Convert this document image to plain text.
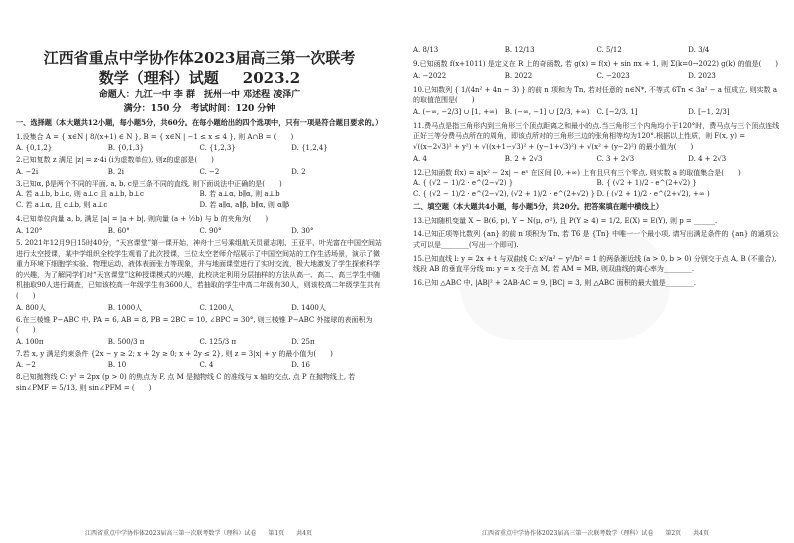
江西省重点中学协作体2023届高三第一次联考

数学（理科）试题 2023.2

命题人：九江一中 李 群　抚州一中 邓述程 凌泽广
满分：150 分　考试时间：120 分钟

一、选择题（本大题共12小题，每小题5分，共60分。在每小题给出的四个选项中，只有一项是符合题目要求的。）

1.设集合 A = { x∈N | 8/(x+1) ∈ N }, B = { x∈N | −1 ≤ x ≤ 4 }, 则 A∩B = (　　)

A. {0,1,2}	B. {0,1,3}	C. {1,2,3}	D. {1,2,4}

2.已知复数 z 满足 |z| = z·4i (i为虚数单位), 则z的虚部是(　　)

A. −2i	B. 2i	C. −2	D. 2

3.已知α, β是两个不同的平面, a, b, c是三条不同的直线, 则下面说法中正确的是(　　)

A. 若 a⊥b, b⊥c, 则 a⊥c 且 a⊥b, b⊥c	B. 若 a⊥α, b∥α, 则 a⊥b
C. 若 a⊥α, 且 c⊥b, 则 a⊥c	D. 若 a∥α, a∥β, b∥α, 则 α∥β

4.已知单位向量 a, b, 满足 |a| = |a + b|, 则向量 (a + ½b) 与 b 的夹角为(　　)

A. 120°	B. 60°	C. 90°	D. 30°

5. 2021年12月9日15时40分，“天宫课堂”第一课开始，神舟十三号乘组航天员翟志刚、王亚平、叶光富在中国空间站进行太空授课，某中学组织全校学生观看了此次授课，三位太空老师介绍展示了中国空间站的工作生活场景，演示了微重力环境下细胞学实验、物理运动、液体表面张力等现象，并与地面课堂进行了实时交流，极大地激发了学生探索科学的兴趣，为了解同学们对“天宫课堂”这种授课模式的兴趣，此校决定利用分层抽样的方法从高一、高二、高三学生中随机抽取90人进行调查，已知该校高一年级学生有3600人，若抽取的学生中高二年级有30人，则该校高二年级学生共有(　　)

A. 800人	B. 1000人	C. 1200人	D. 1400人

6.在三棱锥 P−ABC 中, PA = 6, AB = 8, PB = 2BC = 10, ∠BPC = 30°, 则三棱锥 P−ABC 外接球的表面积为(　　)

A. 100π	B. 500/3 π	C. 125/3 π	D. 25π

7.若 x, y 满足约束条件 {2x − y ≥ 2; x + 2y ≥ 0; x + 2y ≤ 2}, 则 z = 3|x| + y 的最小值为(　　)

A. −2	B. 10	C. 4	D. 16

8.已知抛物线 C: y² = 2px (p > 0) 的焦点为 F, 点 M 是抛物线 C 的准线与 x 轴的交点, 点 P 在抛物线上, 若 sin∠PMF = 5/13, 则 sin∠PFM = (　　)

江西省重点中学协作体2023届高三第一次联考数学（理科）试卷　　第1页　　共4页
A. 8/13	B. 12/13	C. 5/12	D. 3/4

9.已知函数 f(x+1011) 是定义在 R 上的奇函数, 若 g(x) = f(x) + sin πx + 1, 则 Σ(k=0→2022) g(k) 的值是(　　)

A. −2022	B. 2022	C. −2023	D. 2023

10.已知数列 { 1/(4n² + 4n − 3) } 的前 n 项和为 Tn, 若对任意的 n∈N*, 不等式 6Tn < 3a² − a 恒成立, 则实数 a 的取值范围是(　　)

A. (−∞, −2/3] ∪ [1, +∞)	B. (−∞, −1] ∪ [2/3, +∞)	C. [−2/3, 1]	D. [−1, 2/3]

11.费马点是指三角形内到三角形三个顶点距离之和最小的点.当三角形三个内角均小于120°时，费马点与三个顶点连线正好三等分费马点所在的周角，即该点所对的三角形三边的张角相等均为120°.根据以上性质，则 F(x, y) = √((x−2√3)² + y²) + √((x+1−√3)² + (y−1+√3)²) + √(x² + (y−2)²) 的最小值为(　　)

A. 4	B. 2 + 2√3	C. 3 + 2√3	D. 4 + 2√3

12.已知函数 f(x) = a|x² − 2x| − eˣ 在区间 [0, +∞) 上有且只有三个零点, 则实数 a 的取值集合是(　　)

A. { (√2 − 1)/2 · e^(2−√2) }	B. { (√2 + 1)/2 · e^(2+√2) }
C. { (√2 − 1)/2 · e^(2−√2), (√2 + 1)/2 · e^(2+√2) } D. ( (√2 + 1)/2 · e^(2+√2), +∞ )

二、填空题（本大题共4小题，每小题5分，共20分。把答案填在题中横线上）

13.已知随机变量 X ~ B(6, p), Y ~ N(μ, σ²), 且 P(Y ≥ 4) = 1/2, E(X) = E(Y), 则 p = ______.

14.已知正项等比数列 {an} 的前 n 项积为 Tn, 若 T6 是 {Tn} 中唯一一个最小项, 请写出满足条件的 {an} 的通项公式可以是________(写出一个即可).

15.已知直线 l: y = 2x + t 与双曲线 C: x²/a² − y²/b² = 1 的两条渐近线 (a > 0, b > 0) 分别交于点 A, B (不重合), 线段 AB 的垂直平分线 m: y = x 交于点 M, 若 AM = MB, 则双曲线的离心率为________.

16.已知 △ABC 中, |AB|² + 2AB·AC = 9, |BC| = 3, 则 △ABC 面积的最大值是________.

江西省重点中学协作体2023届高三第一次联考数学（理科）试卷　　第2页　　共4页
